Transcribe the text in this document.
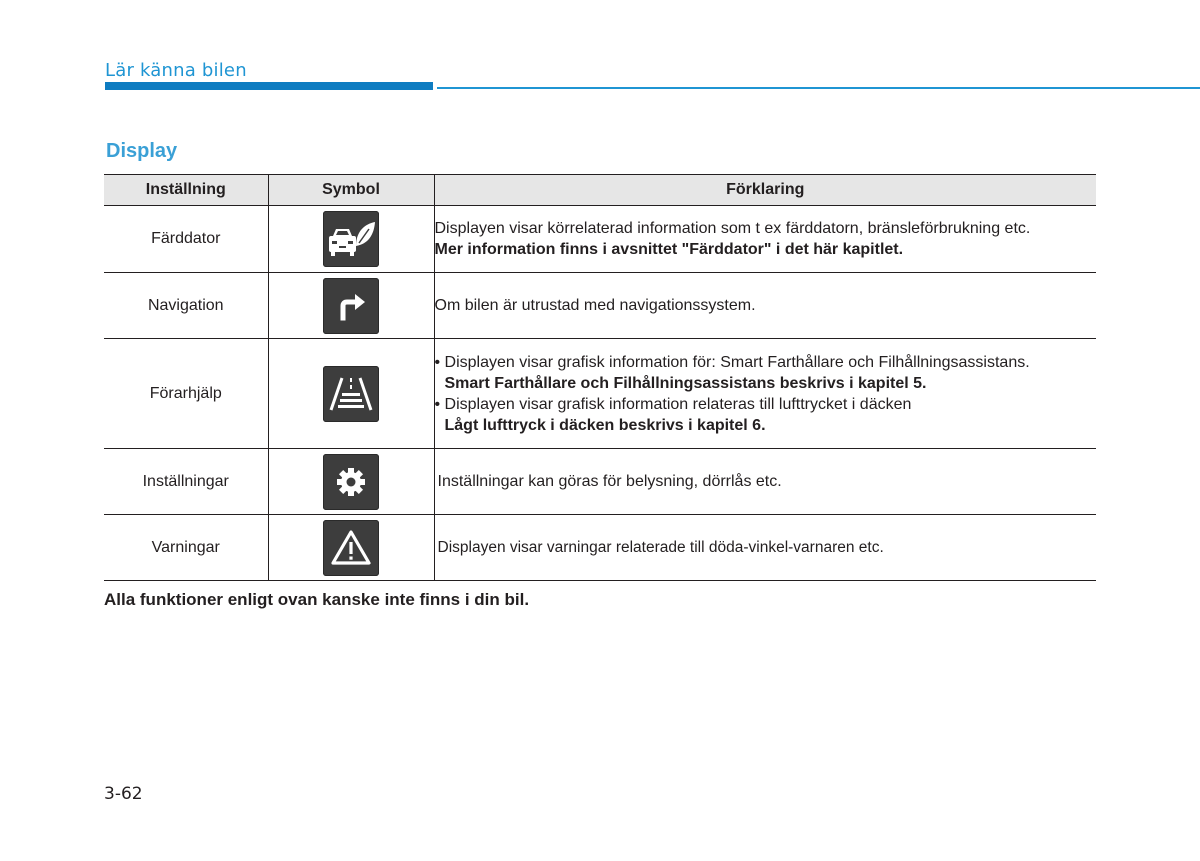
Lär känna bilen
Display
Inställning	Symbol	Förklaring
Färddator		Displayen visar körrelaterad information som t ex färddatorn, bränsleförbrukning etc.
Mer information finns i avsnittet "Färddator" i det här kapitlet.

Navigation		Om bilen är utrustad med navigationssystem.

Förarhjälp		• Displayen visar grafisk information för: Smart Farthållare och Filhållningsassistans.
Smart Farthållare och Filhållningsassistans beskrivs i kapitel 5.
• Displayen visar grafisk information relateras till lufttrycket i däcken
Lågt lufttryck i däcken beskrivs i kapitel 6.

Inställningar		Inställningar kan göras för belysning, dörrlås etc.

Varningar		Displayen visar varningar relaterade till döda-vinkel-varnaren etc.
Alla funktioner enligt ovan kanske inte finns i din bil.
3-62
